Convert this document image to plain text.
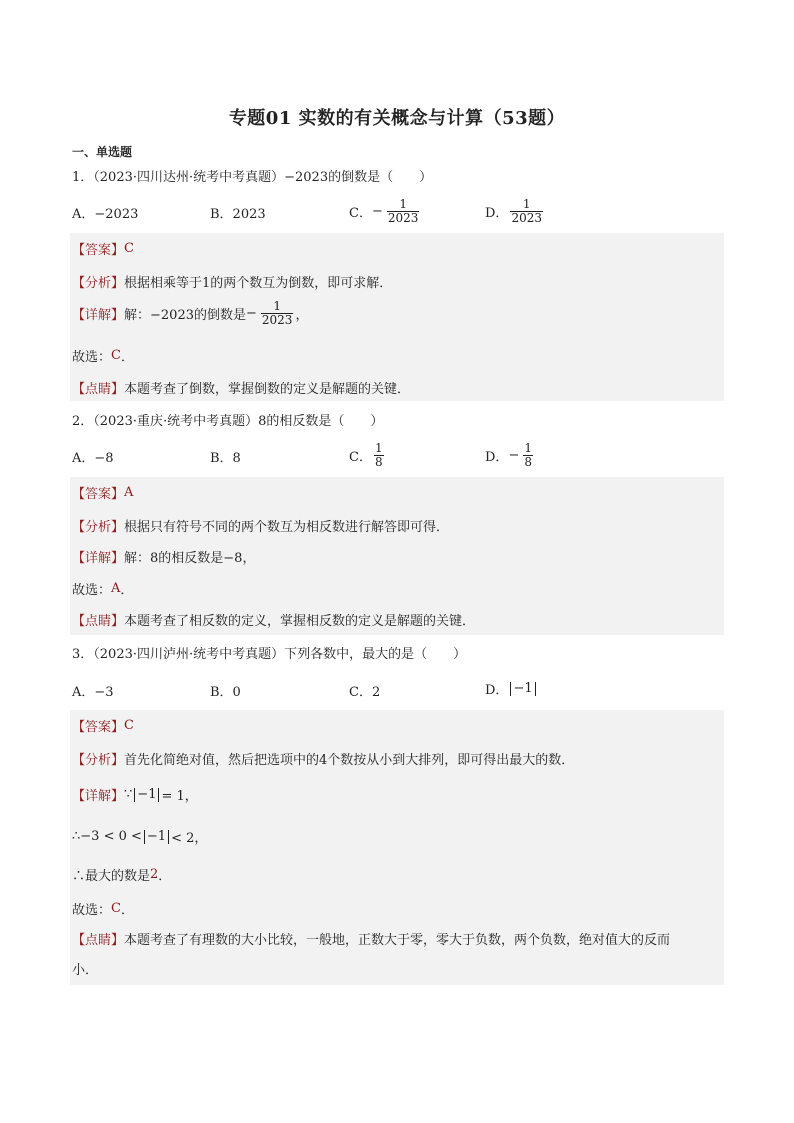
专题01 实数的有关概念与计算（53题）
一、单选题
1．（2023·四川达州·统考中考真题）−2023的倒数是（　　）
A．−2023	B．2023	C． − $\frac{1}{2023}$	D． $\frac{1}{2023}$
【答案】 C
【分析】 根据相乘等于1的两个数互为倒数，即可求解．
【详解】 解：−2023的倒数是 − $\frac{1}{2023}$ ，
故选： C ．
【点睛】 本题考查了倒数，掌握倒数的定义是解题的关键．
2．（2023·重庆·统考中考真题）8的相反数是（　　）
A．−8	B．8	C． $\frac{1}{8}$	D． − $\frac{1}{8}$
【答案】 A
【分析】 根据只有符号不同的两个数互为相反数进行解答即可得．
【详解】 解：8的相反数是−8，
故选： A ．
【点睛】 本题考查了相反数的定义，掌握相反数的定义是解题的关键．
3．（2023·四川泸州·统考中考真题）下列各数中，最大的是（　　）
A．−3	B．0	C．2	D． −1
【答案】 C
【分析】 首先化简绝对值，然后把选项中的4个数按从小到大排列，即可得出最大的数．
【详解】 ∵ −1 = 1，
∴−3 < 0 < −1 < 2，
∴最大的数是 2 ．
故选： C ．
【点睛】 本题考查了有理数的大小比较，一般地，正数大于零，零大于负数，两个负数，绝对值大的反而
小．
